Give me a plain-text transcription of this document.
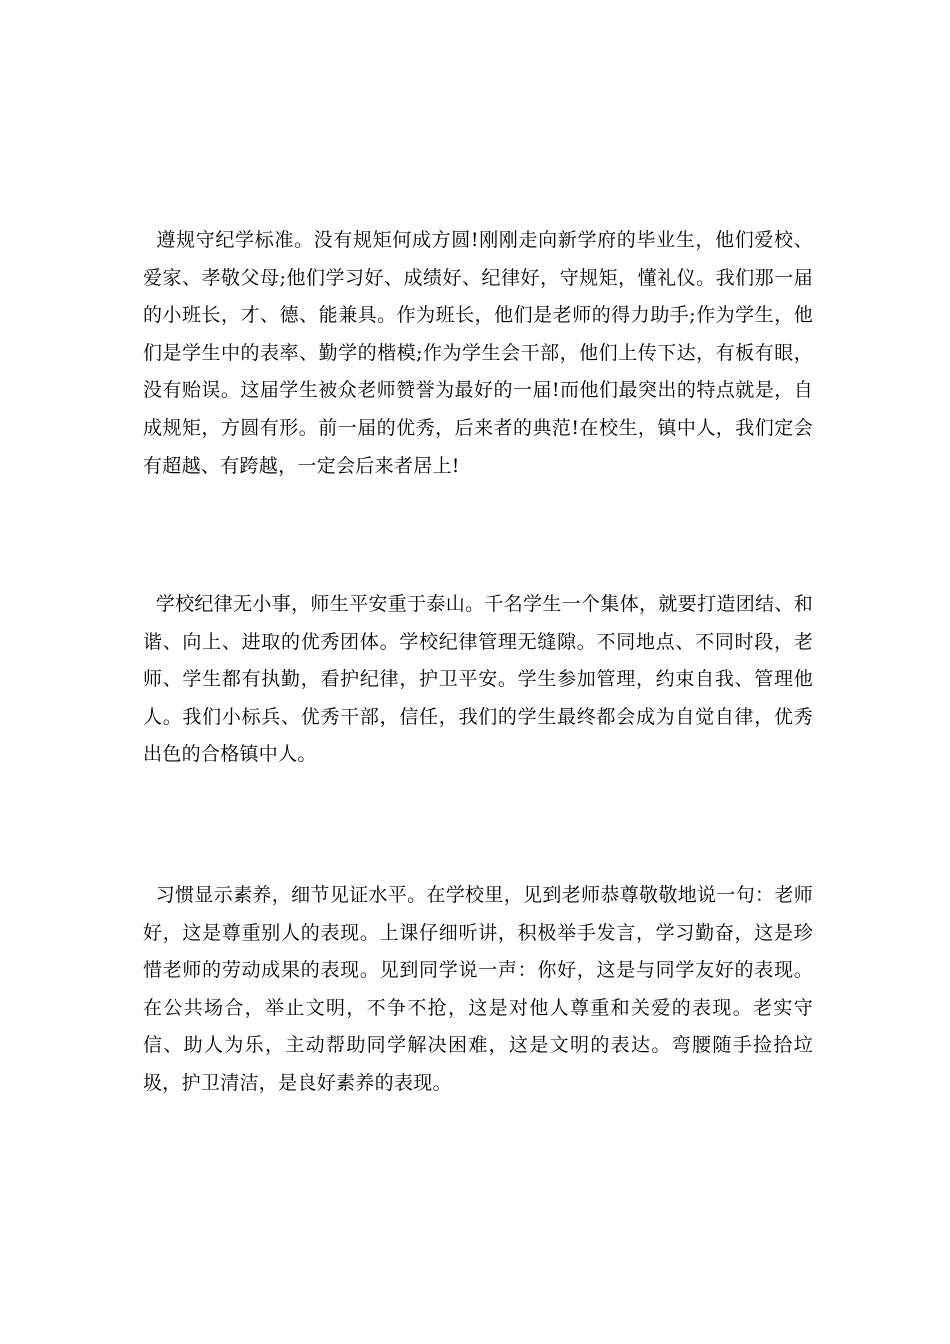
遵规守纪学标准。没有规矩何成方圆!刚刚走向新学府的毕业生，他们爱校、爱家、孝敬父母;他们学习好、成绩好、纪律好，守规矩，懂礼仪。我们那一届的小班长，才、德、能兼具。作为班长，他们是老师的得力助手;作为学生，他们是学生中的表率、勤学的楷模;作为学生会干部，他们上传下达，有板有眼，没有贻误。这届学生被众老师赞誉为最好的一届!而他们最突出的特点就是，自成规矩，方圆有形。前一届的优秀，后来者的典范!在校生，镇中人，我们定会有超越、有跨越，一定会后来者居上!

学校纪律无小事，师生平安重于泰山。千名学生一个集体，就要打造团结、和谐、向上、进取的优秀团体。学校纪律管理无缝隙。不同地点、不同时段，老师、学生都有执勤，看护纪律，护卫平安。学生参加管理，约束自我、管理他人。我们小标兵、优秀干部，信任，我们的学生最终都会成为自觉自律，优秀出色的合格镇中人。

习惯显示素养，细节见证水平。在学校里，见到老师恭尊敬敬地说一句：老师好，这是尊重别人的表现。上课仔细听讲，积极举手发言，学习勤奋，这是珍惜老师的劳动成果的表现。见到同学说一声：你好，这是与同学友好的表现。在公共场合，举止文明，不争不抢，这是对他人尊重和关爱的表现。老实守信、助人为乐，主动帮助同学解决困难，这是文明的表达。弯腰随手捡拾垃圾，护卫清洁，是良好素养的表现。
